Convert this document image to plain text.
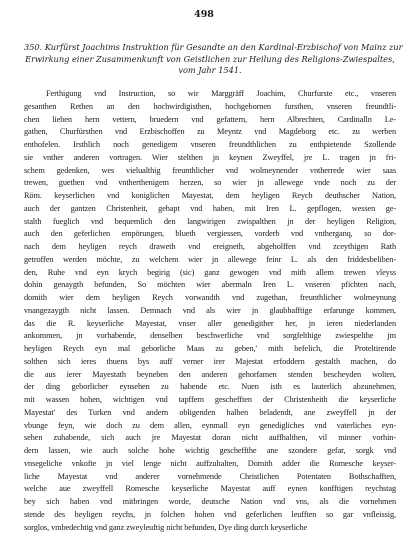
498
350. Kurfürst Joachims Instruktion für Gesandte an den Kardinal-Erzbischof von Mainz zur
Erwirkung einer Zusammenkunft von Geistlichen zur Heilung des Religions-Zwiespaltes,
vom Jahr 1541.
Ferthigung vnd Instruction, so wir Marggräff Joachim, Churfurste etc., vnseren
gesanthen Rethen an den hochwirdigisthen, hochgebornen fursthen, vnseren freundtli-
chen lieben hern vettern, bruedern vnd gefattern, hern Albrechten, Cardinalln Le-
gathen, Churfürsthen vnd Erzbischoffen zu Meyntz vnd Magdeborg etc. zu werben
enthofelen. Irsthlich noch genedigem vnseren freundthlichen zu enthpietende Szollende
sie vnther anderen vortragen. Wier stelthen jn keynen Zweyffel, jre L. tragen jn fri-
schem gedenken, wes vielualthig freunthlicher vnd wolmeynender vntherrede wier saas
trewen, guethen vnd vntherthenigem herzen, so wier jn allewege vnde noch zu der
Röm. keyserlichen vnd koniglichen Mayestat, dem heyligen Reych deuthscher Nation,
auch der gantzen Christenheit, gehapt vnd haben, mit Iren L. gepflogen, wessen ge-
stalth fueglich vnd bequemlich den langwirigen zwispalthen jn der heyligen Religion,
auch den geferlichen empörungen, blueth vergiessen, vorderb vnd vntherganq, so dor-
nach dem heyligen reych draweth vnd ereigneth, abgeholffen vnd zceythigen Rath
getroffen werden möchte, zu welchem wier jn allewege feinr L. als den friddesbeliben-
den, Ruhe vnd eyn krych begirig (sic) ganz gewogen vnd mith allem trewen vleyss
dohin genaygth befunden, So möchten wier abermaln Iren L. vnseren pfichten nach,
domith wier dem heyligen Reych vorwandth vnd zugethan, freunthlicher wolmeynung
vnangezaygth nicht lassen. Demnach vnd als wier jn glaubhafftige erfarunge kommen,
das die R. keyserliche Mayestat, vnser aller genedigither her, jn ieren niederlanden
ankommen, jn vorhabende, denselben beschwerliche vnd sorgfelthige zwiespelthe jm
heyligen Reych eyn mal geborliche Maas zu geben,' mith befelich, die Proteltirende
solthen sich ieres thuens bys auff verner irer Majestat erfoddern gestalth machen, do
die aus ierer Mayestath beyneben den anderen gehorfamen stenden bescheyden wolten,
der ding geborlicher eynsehen zu habende etc. Nuen isth es lauterlich abzunehmen,
mit wassen hohen, wichtigen vnd tapffern geschefften der Christenheith die keyserliche
Mayestat' des Turken vnd andern obligenden halben beladendt, ane zweyffell jn der
vbunge feyn, wie doch zu dem allen, eynmall eyn genedigliches vnd vaterliches eyn-
sehen zuhabende, sich auch jre Mayestat doran nicht auffhalthen, vil minner vorhin-
dern lassen, wie auch solche hohe wichtig gescheffthe ane szondere gefar, sorgk vnd
vnsegeliche vnkofte jn viel lenge nicht auffzuhalten, Domith adder die Romesche keyser-
liche Mayestat vnd anderer vornehmende Christlichen Potentaten Bothschafften,
welche aue zweyffell Romesche keyserliche Mayestat auff eynen konfftigen reychstag
bey sich haben vnd mitbringen worde, deutsche Nation vnd vns, als die vornehmen
stende des heyligen reychs, jn folchen hohen vnd geferlichen leufften so gar vnfleissig,
sorglos, vmbedechtig vnd ganz zweyleuftig nicht befunden, Dye ding durch keyserliche
